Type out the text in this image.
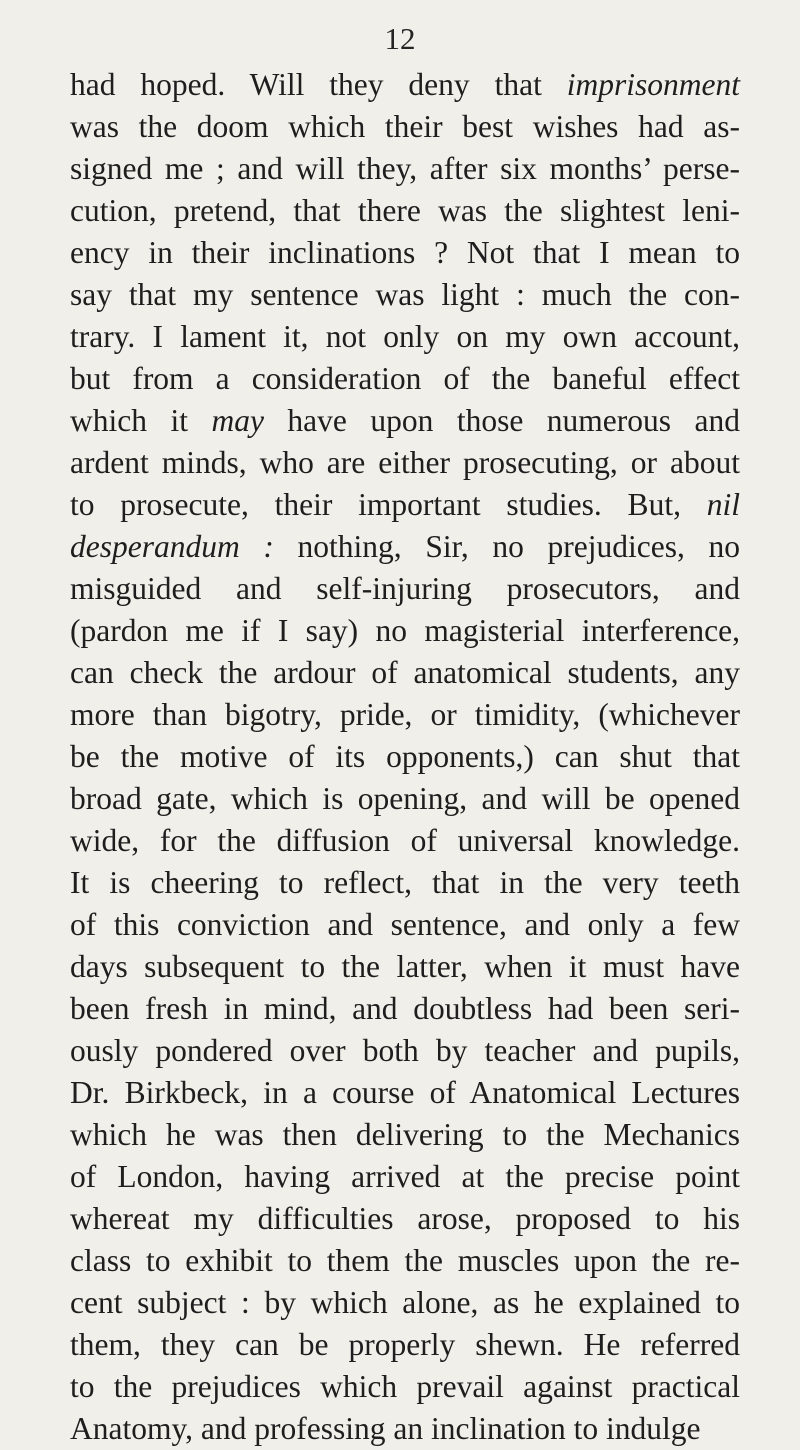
12
had hoped. Will they deny that imprisonment
was the doom which their best wishes had as-
signed me ; and will they, after six months’ perse-
cution, pretend, that there was the slightest leni-
ency in their inclinations ? Not that I mean to
say that my sentence was light : much the con-
trary. I lament it, not only on my own account,
but from a consideration of the baneful effect
which it may have upon those numerous and
ardent minds, who are either prosecuting, or about
to prosecute, their important studies. But, nil
desperandum : nothing, Sir, no prejudices, no
misguided and self-injuring prosecutors, and
(pardon me if I say) no magisterial interference,
can check the ardour of anatomical students, any
more than bigotry, pride, or timidity, (whichever
be the motive of its opponents,) can shut that
broad gate, which is opening, and will be opened
wide, for the diffusion of universal knowledge.
It is cheering to reflect, that in the very teeth
of this conviction and sentence, and only a few
days subsequent to the latter, when it must have
been fresh in mind, and doubtless had been seri-
ously pondered over both by teacher and pupils,
Dr. Birkbeck, in a course of Anatomical Lectures
which he was then delivering to the Mechanics
of London, having arrived at the precise point
whereat my difficulties arose, proposed to his
class to exhibit to them the muscles upon the re-
cent subject : by which alone, as he explained to
them, they can be properly shewn. He referred
to the prejudices which prevail against practical
Anatomy, and professing an inclination to indulge
